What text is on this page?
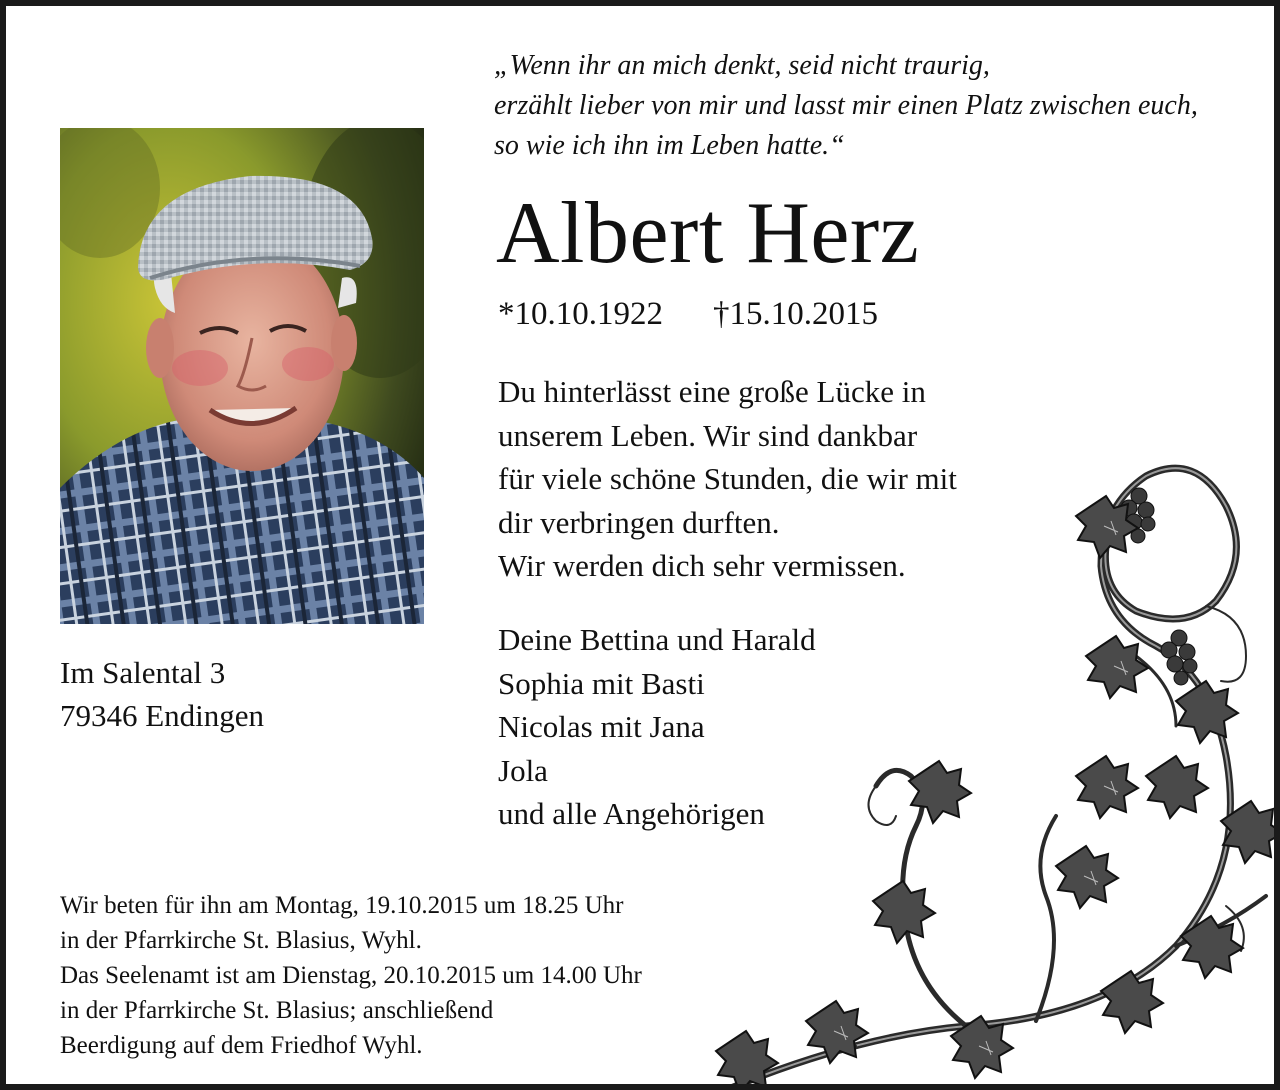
„Wenn ihr an mich denkt, seid nicht traurig,
erzählt lieber von mir und lasst mir einen Platz zwischen euch,
so wie ich ihn im Leben hatte.“
Albert Herz
*10.10.1922 †15.10.2015
Du hinterlässt eine große Lücke in
unserem Leben. Wir sind dankbar
für viele schöne Stunden, die wir mit
dir verbringen durften.
Wir werden dich sehr vermissen.
Deine Bettina und Harald
Sophia mit Basti
Nicolas mit Jana
Jola
und alle Angehörigen
Im Salental 3
79346 Endingen
Wir beten für ihn am Montag, 19.10.2015 um 18.25 Uhr
in der Pfarrkirche St. Blasius, Wyhl.
Das Seelenamt ist am Dienstag, 20.10.2015 um 14.00 Uhr
in der Pfarrkirche St. Blasius; anschließend
Beerdigung auf dem Friedhof Wyhl.
